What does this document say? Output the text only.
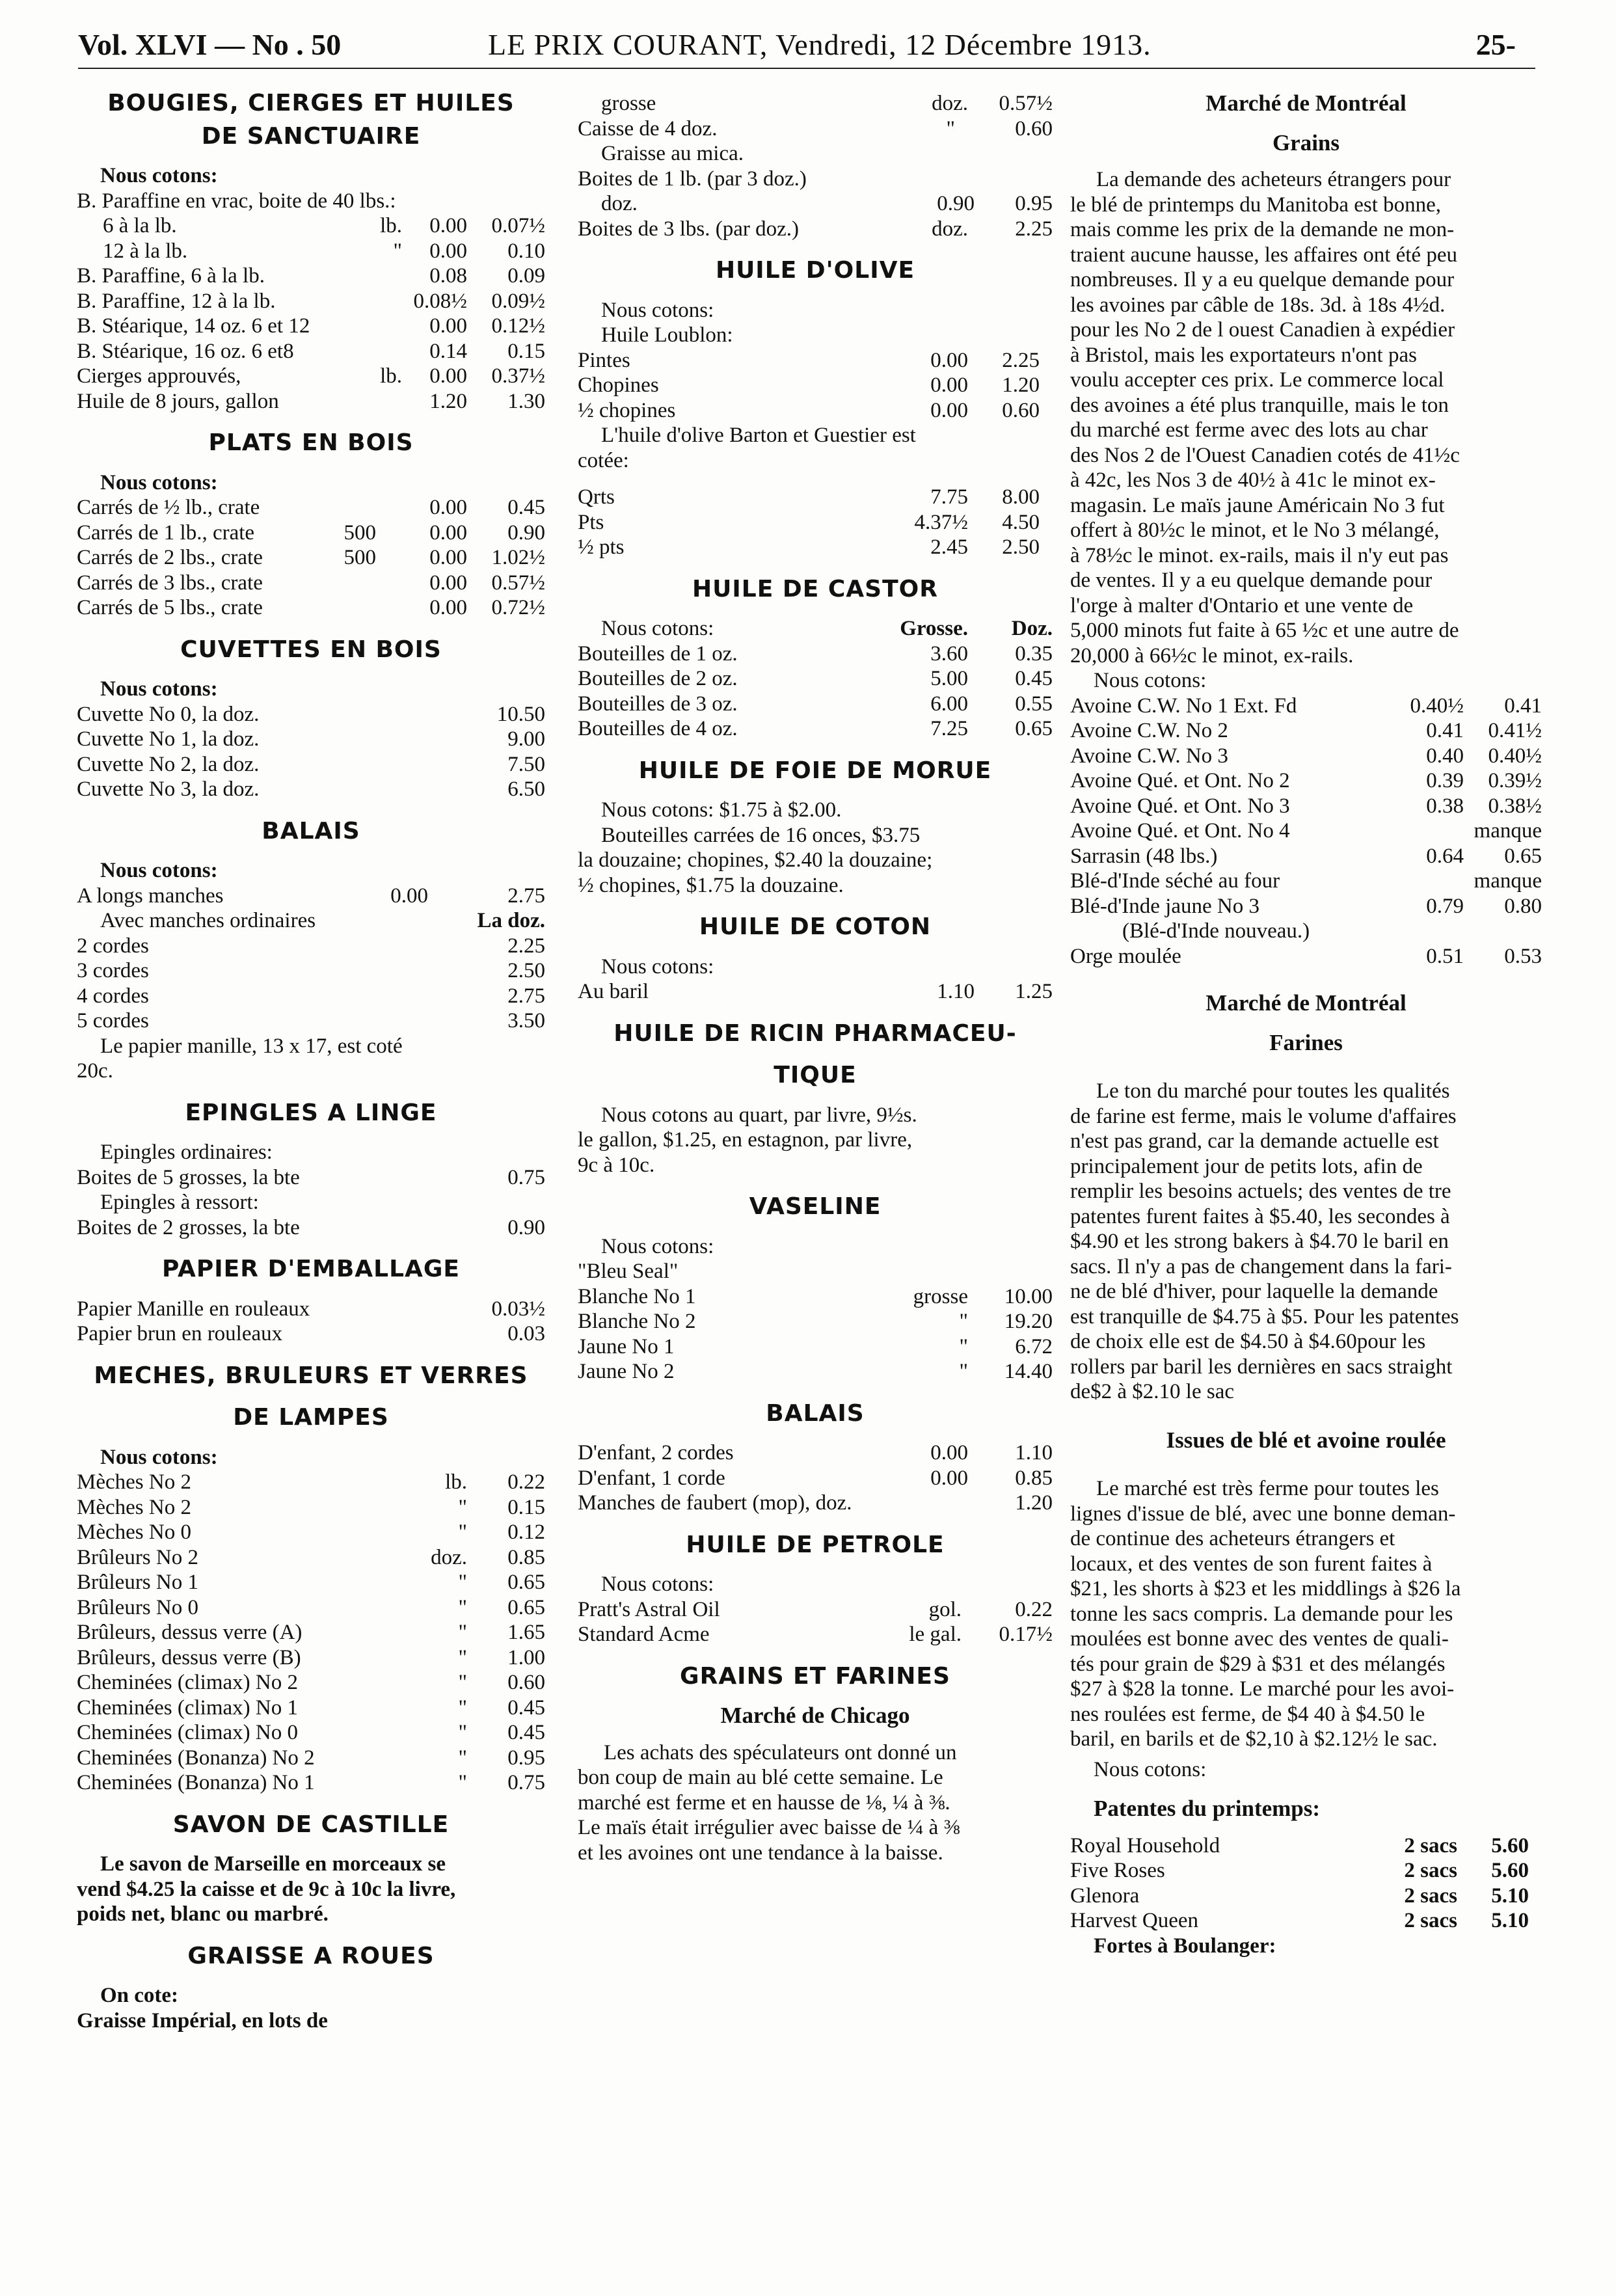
Vol. XLVI — No . 50	LE PRIX COURANT, Vendredi, 12 Décembre 1913.	25-
BOUGIES, CIERGES ET HUILES
DE SANCTUAIRE
Nous cotons:
B. Paraffine en vrac, boite de 40 lbs.:
6 à la lb.	lb. 0.00 0.07½
12 à la lb.	" 0.00 0.10
B. Paraffine, 6 à la lb.	0.08 0.09
B. Paraffine, 12 à la lb.	0.08½ 0.09½
B. Stéarique, 14 oz. 6 et 12	0.00 0.12½
B. Stéarique, 16 oz. 6 et8	0.14 0.15
Cierges approuvés,	lb. 0.00 0.37½
Huile de 8 jours, gallon	1.20 1.30
PLATS EN BOIS
Nous cotons:
Carrés de ½ lb., crate	0.00 0.45
Carrés de 1 lb., crate	500 0.00 0.90
Carrés de 2 lbs., crate	500 0.00 1.02½
Carrés de 3 lbs., crate	0.00 0.57½
Carrés de 5 lbs., crate	0.00 0.72½
CUVETTES EN BOIS
Nous cotons:
Cuvette No 0, la doz.	10.50
Cuvette No 1, la doz.	9.00
Cuvette No 2, la doz.	7.50
Cuvette No 3, la doz.	6.50
BALAIS
Nous cotons:
A longs manches	0.00	2.75
Avec manches ordinaires	La doz.
2 cordes	2.25
3 cordes	2.50
4 cordes	2.75
5 cordes	3.50
Le papier manille, 13 x 17, est coté
20c.
EPINGLES A LINGE
Epingles ordinaires:
Boites de 5 grosses, la bte	0.75
Epingles à ressort:
Boites de 2 grosses, la bte	0.90
PAPIER D'EMBALLAGE
Papier Manille en rouleaux	0.03½
Papier brun en rouleaux	0.03
MECHES, BRULEURS ET VERRES
DE LAMPES
Nous cotons:
Mèches No 2	lb. 0.22
Mèches No 2	" 0.15
Mèches No 0	" 0.12
Brûleurs No 2	doz. 0.85
Brûleurs No 1	" 0.65
Brûleurs No 0	" 0.65
Brûleurs, dessus verre (A)	" 1.65
Brûleurs, dessus verre (B)	" 1.00
Cheminées (climax) No 2	" 0.60
Cheminées (climax) No 1	" 0.45
Cheminées (climax) No 0	" 0.45
Cheminées (Bonanza) No 2	" 0.95
Cheminées (Bonanza) No 1	" 0.75
SAVON DE CASTILLE
Le savon de Marseille en morceaux se
vend $4.25 la caisse et de 9c à 10c la livre,
poids net, blanc ou marbré.
GRAISSE A ROUES
On cote:
Graisse Impérial, en lots de
grosse	doz. 0.57½
Caisse de 4 doz.	"	0.60
Graisse au mica.
Boites de 1 lb. (par 3 doz.)
doz.	0.90 0.95
Boites de 3 lbs. (par doz.)	doz. 2.25
HUILE D'OLIVE
Nous cotons:
Huile Loublon:
Pintes	0.00 2.25
Chopines	0.00 1.20
½ chopines	0.00 0.60
L'huile d'olive Barton et Guestier est
cotée:
Qrts	7.75 8.00
Pts	4.37½ 4.50
½ pts	2.45 2.50
HUILE DE CASTOR
Nous cotons:	Grosse. Doz.
Bouteilles de 1 oz.	3.60 0.35
Bouteilles de 2 oz.	5.00 0.45
Bouteilles de 3 oz.	6.00 0.55
Bouteilles de 4 oz.	7.25 0.65
HUILE DE FOIE DE MORUE
Nous cotons: $1.75 à $2.00.
Bouteilles carrées de 16 onces, $3.75
la douzaine; chopines, $2.40 la douzaine;
½ chopines, $1.75 la douzaine.
HUILE DE COTON
Nous cotons:
Au baril	1.10 1.25
HUILE DE RICIN PHARMACEU-
TIQUE
Nous cotons au quart, par livre, 9½s.
le gallon, $1.25, en estagnon, par livre,
9c à 10c.
VASELINE
Nous cotons:
"Bleu Seal"
Blanche No 1	grosse 10.00
Blanche No 2	" 19.20
Jaune No 1	" 6.72
Jaune No 2	" 14.40
BALAIS
D'enfant, 2 cordes	0.00 1.10
D'enfant, 1 corde	0.00 0.85
Manches de faubert (mop), doz.	1.20
HUILE DE PETROLE
Nous cotons:
Pratt's Astral Oil	gol. 0.22
Standard Acme	le gal. 0.17½
GRAINS ET FARINES
Marché de Chicago
Les achats des spéculateurs ont donné un
bon coup de main au blé cette semaine. Le
marché est ferme et en hausse de ⅛, ¼ à ⅜.
Le maïs était irrégulier avec baisse de ¼ à ⅜
et les avoines ont une tendance à la baisse.
Marché de Montréal
Grains
La demande des acheteurs étrangers pour
le blé de printemps du Manitoba est bonne,
mais comme les prix de la demande ne mon-
traient aucune hausse, les affaires ont été peu
nombreuses. Il y a eu quelque demande pour
les avoines par câble de 18s. 3d. à 18s 4½d.
pour les No 2 de l ouest Canadien à expédier
à Bristol, mais les exportateurs n'ont pas
voulu accepter ces prix. Le commerce local
des avoines a été plus tranquille, mais le ton
du marché est ferme avec des lots au char
des Nos 2 de l'Ouest Canadien cotés de 41½c
à 42c, les Nos 3 de 40½ à 41c le minot ex-
magasin. Le maïs jaune Américain No 3 fut
offert à 80½c le minot, et le No 3 mélangé,
à 78½c le minot. ex-rails, mais il n'y eut pas
de ventes. Il y a eu quelque demande pour
l'orge à malter d'Ontario et une vente de
5,000 minots fut faite à 65 ½c et une autre de
20,000 à 66½c le minot, ex-rails.
Nous cotons:
Avoine C.W. No 1 Ext. Fd	0.40½ 0.41
Avoine C.W. No 2	0.41 0.41½
Avoine C.W. No 3	0.40 0.40½
Avoine Qué. et Ont. No 2	0.39 0.39½
Avoine Qué. et Ont. No 3	0.38 0.38½
Avoine Qué. et Ont. No 4	manque
Sarrasin (48 lbs.)	0.64 0.65
Blé-d'Inde séché au four	manque
Blé-d'Inde jaune No 3	0.79 0.80
(Blé-d'Inde nouveau.)
Orge moulée	0.51 0.53
Marché de Montréal
Farines
Le ton du marché pour toutes les qualités
de farine est ferme, mais le volume d'affaires
n'est pas grand, car la demande actuelle est
principalement jour de petits lots, afin de
remplir les besoins actuels; des ventes de tre
patentes furent faites à $5.40, les secondes à
$4.90 et les strong bakers à $4.70 le baril en
sacs. Il n'y a pas de changement dans la fari-
ne de blé d'hiver, pour laquelle la demande
est tranquille de $4.75 à $5. Pour les patentes
de choix elle est de $4.50 à $4.60pour les
rollers par baril les dernières en sacs straight
de$2 à $2.10 le sac
Issues de blé et avoine roulée
Le marché est très ferme pour toutes les
lignes d'issue de blé, avec une bonne deman-
de continue des acheteurs étrangers et
locaux, et des ventes de son furent faites à
$21, les shorts à $23 et les middlings à $26 la
tonne les sacs compris. La demande pour les
moulées est bonne avec des ventes de quali-
tés pour grain de $29 à $31 et des mélangés
$27 à $28 la tonne. Le marché pour les avoi-
nes roulées est ferme, de $4 40 à $4.50 le
baril, en barils et de $2,10 à $2.12½ le sac.
Nous cotons:
Patentes du printemps:
Royal Household	2 sacs 5.60
Five Roses	2 sacs 5.60
Glenora	2 sacs 5.10
Harvest Queen	2 sacs 5.10
Fortes à Boulanger:
